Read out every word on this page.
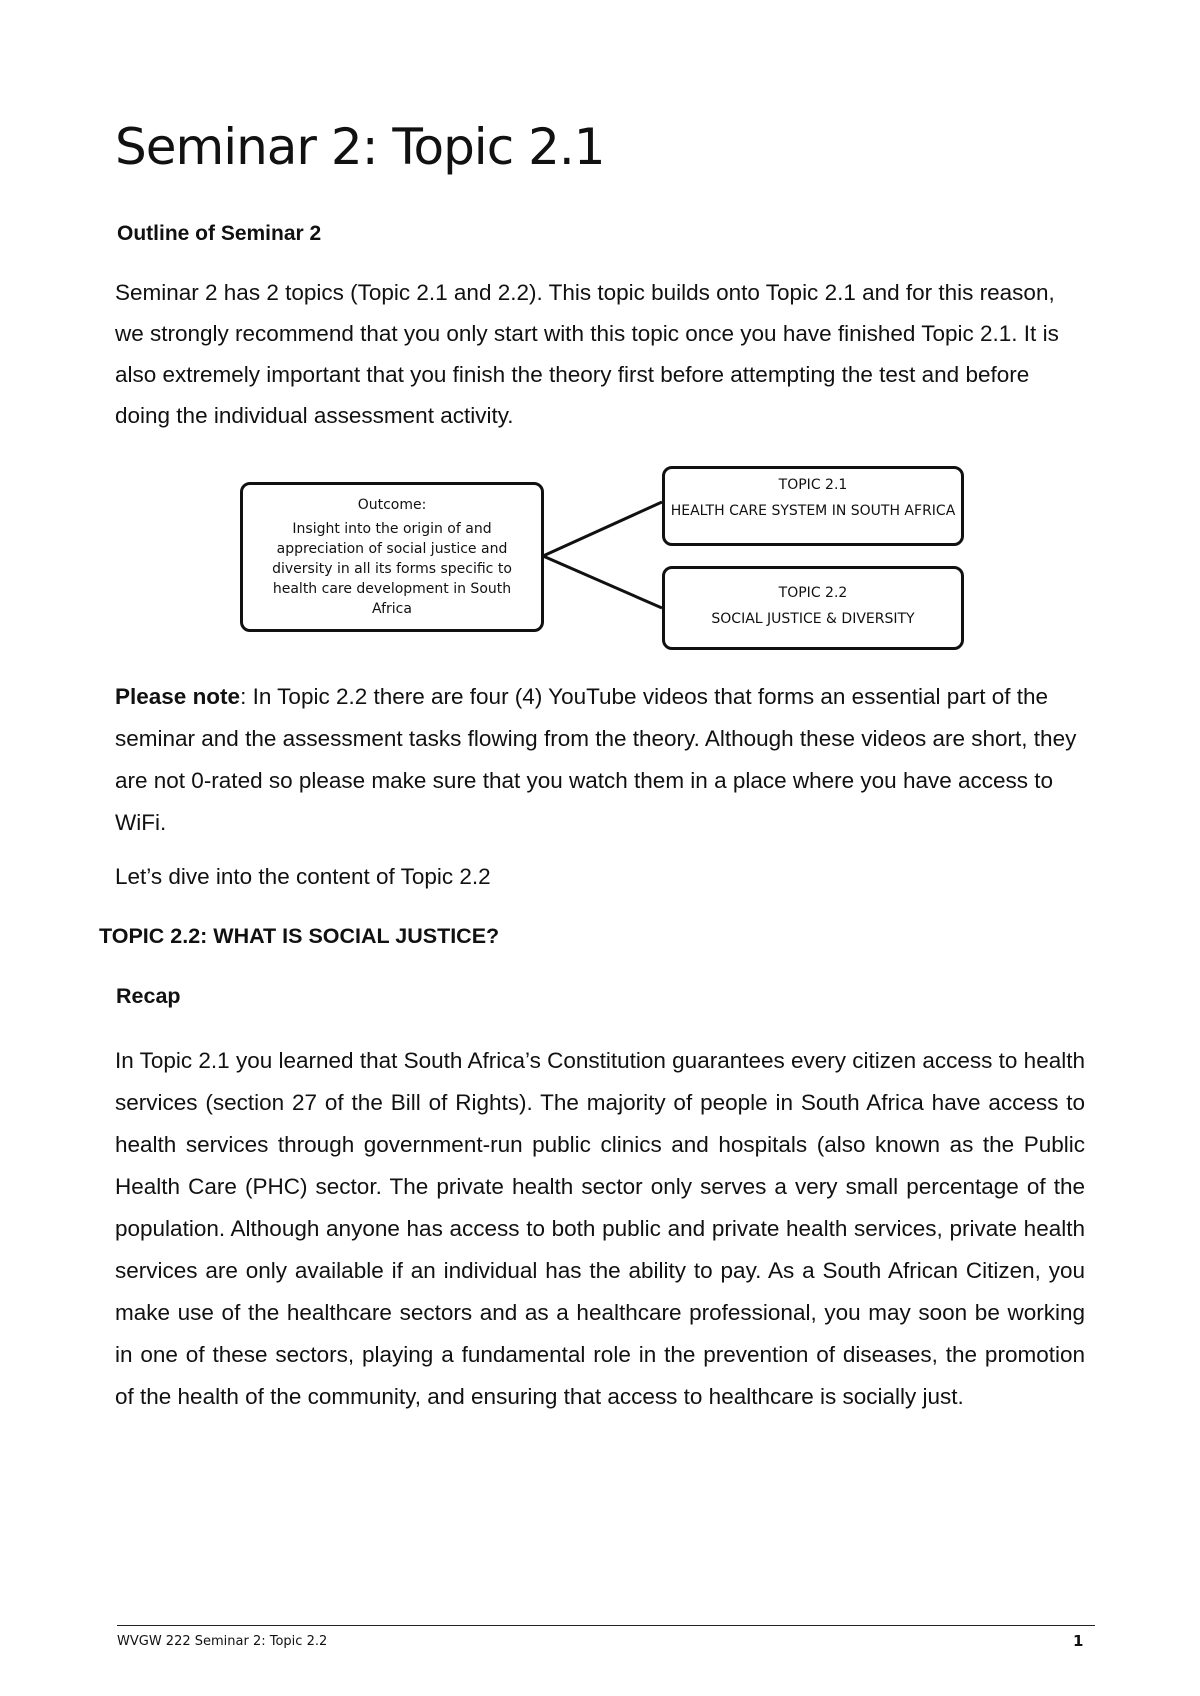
Seminar 2: Topic 2.1
Outline of Seminar 2

Seminar 2 has 2 topics (Topic 2.1 and 2.2). This topic builds onto Topic 2.1 and for this reason, we strongly recommend that you only start with this topic once you have finished Topic 2.1. It is also extremely important that you finish the theory first before attempting the test and before doing the individual assessment activity.

Outcome:
Insight into the origin of and appreciation of social justice and diversity in all its forms specific to health care development in South Africa
TOPIC 2.1
HEALTH CARE SYSTEM IN SOUTH AFRICA
TOPIC 2.2
SOCIAL JUSTICE & DIVERSITY

Please note: In Topic 2.2 there are four (4) YouTube videos that forms an essential part of the seminar and the assessment tasks flowing from the theory. Although these videos are short, they are not 0-rated so please make sure that you watch them in a place where you have access to WiFi.

Let’s dive into the content of Topic 2.2

TOPIC 2.2: WHAT IS SOCIAL JUSTICE?
Recap

In Topic 2.1 you learned that South Africa’s Constitution guarantees every citizen access to health services (section 27 of the Bill of Rights). The majority of people in South Africa have access to health services through government-run public clinics and hospitals (also known as the Public Health Care (PHC) sector. The private health sector only serves a very small percentage of the population. Although anyone has access to both public and private health services, private health services are only available if an individual has the ability to pay. As a South African Citizen, you make use of the healthcare sectors and as a healthcare professional, you may soon be working in one of these sectors, playing a fundamental role in the prevention of diseases, the promotion of the health of the community, and ensuring that access to healthcare is socially just.

WVGW 222 Seminar 2: Topic 2.2	1
